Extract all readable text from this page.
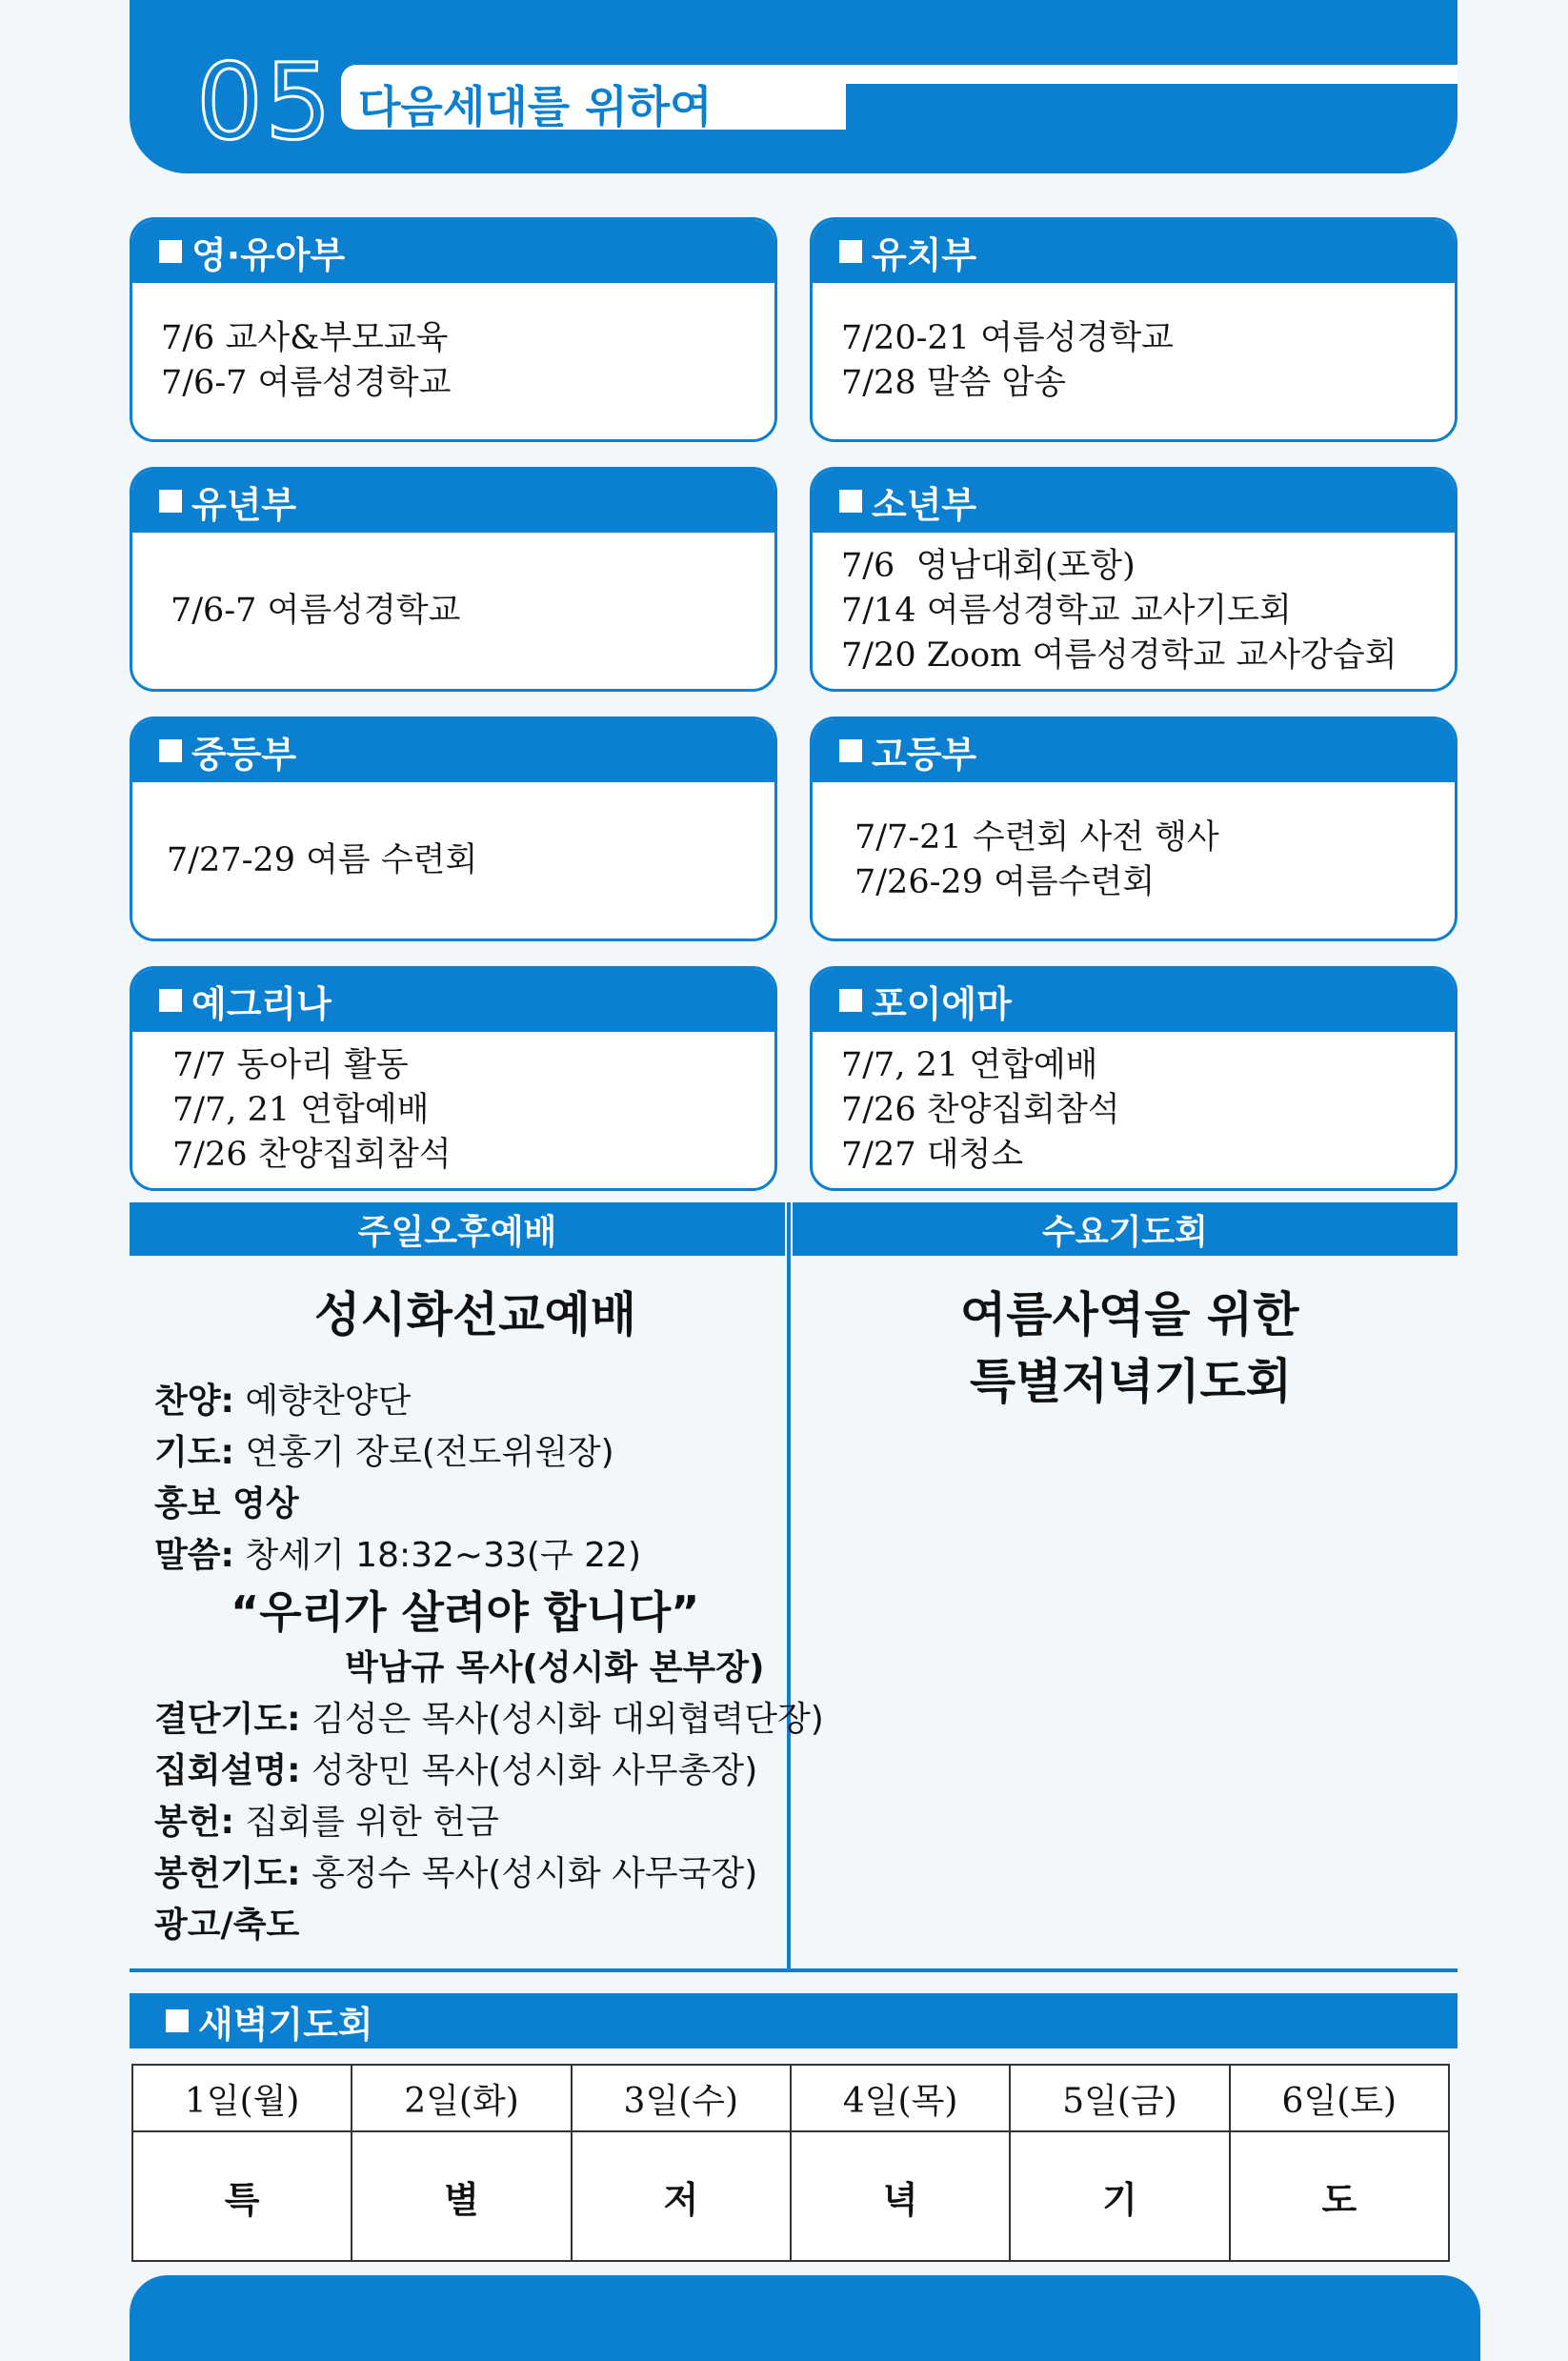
05 다음세대를 위하여
영·유아부
7/6 교사&부모교육
7/6-7 여름성경학교
유치부
7/20-21 여름성경학교
7/28 말씀 암송
유년부
7/6-7 여름성경학교
소년부
7/6  영남대회(포항)
7/14 여름성경학교 교사기도회
7/20 Zoom 여름성경학교 교사강습회
중등부
7/27-29 여름 수련회
고등부
7/7-21 수련회 사전 행사
7/26-29 여름수련회
예그리나
7/7 동아리 활동
7/7, 21 연합예배
7/26 찬양집회참석
포이에마
7/7, 21 연합예배
7/26 찬양집회참석
7/27 대청소
주일오후예배	수요기도회
성시화선교예배
찬양: 예향찬양단
기도: 연홍기 장로(전도위원장)
홍보 영상
말씀: 창세기 18:32~33(구 22)
“우리가 살려야 합니다”
박남규 목사(성시화 본부장)
결단기도: 김성은 목사(성시화 대외협력단장)
집회설명: 성창민 목사(성시화 사무총장)
봉헌: 집회를 위한 헌금
봉헌기도: 홍정수 목사(성시화 사무국장)
광고/축도
여름사역을 위한
특별저녁기도회
새벽기도회
1일(월)	2일(화)	3일(수)	4일(목)	5일(금)	6일(토)
특	별	저	녁	기	도
